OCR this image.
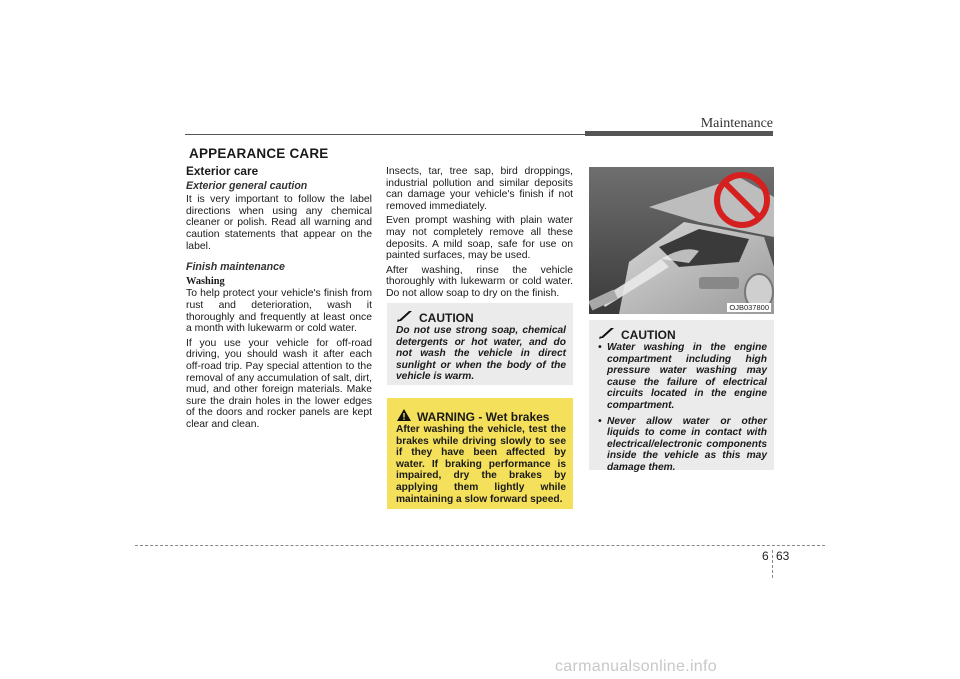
Maintenance
APPEARANCE CARE
Exterior care
Exterior general caution

It is very important to follow the label directions when using any chemical cleaner or polish. Read all warning and caution statements that appear on the label.

Finish maintenance
Washing

To help protect your vehicle's finish from rust and deterioration, wash it thoroughly and frequently at least once a month with lukewarm or cold water.

If you use your vehicle for off-road driving, you should wash it after each off-road trip. Pay special attention to the removal of any accumulation of salt, dirt, mud, and other foreign materials. Make sure the drain holes in the lower edges of the doors and rocker panels are kept clear and clean.

Insects, tar, tree sap, bird droppings, industrial pollution and similar deposits can damage your vehicle's finish if not removed immediately.

Even prompt washing with plain water may not completely remove all these deposits. A mild soap, safe for use on painted surfaces, may be used.

After washing, rinse the vehicle thoroughly with lukewarm or cold water. Do not allow soap to dry on the finish.

CAUTION
Do not use strong soap, chemical detergents or hot water, and do not wash the vehicle in direct sunlight or when the body of the vehicle is warm.
WARNING - Wet brakes
After washing the vehicle, test the brakes while driving slowly to see if they have been affected by water. If braking performance is impaired, dry the brakes by applying them lightly while maintaining a slow forward speed.
OJB037800
CAUTION
• Water washing in the engine compartment including high pressure water washing may cause the failure of electrical circuits located in the engine compartment.
• Never allow water or other liquids to come in contact with electrical/electronic components inside the vehicle as this may damage them.
6 63
carmanualsonline.info
